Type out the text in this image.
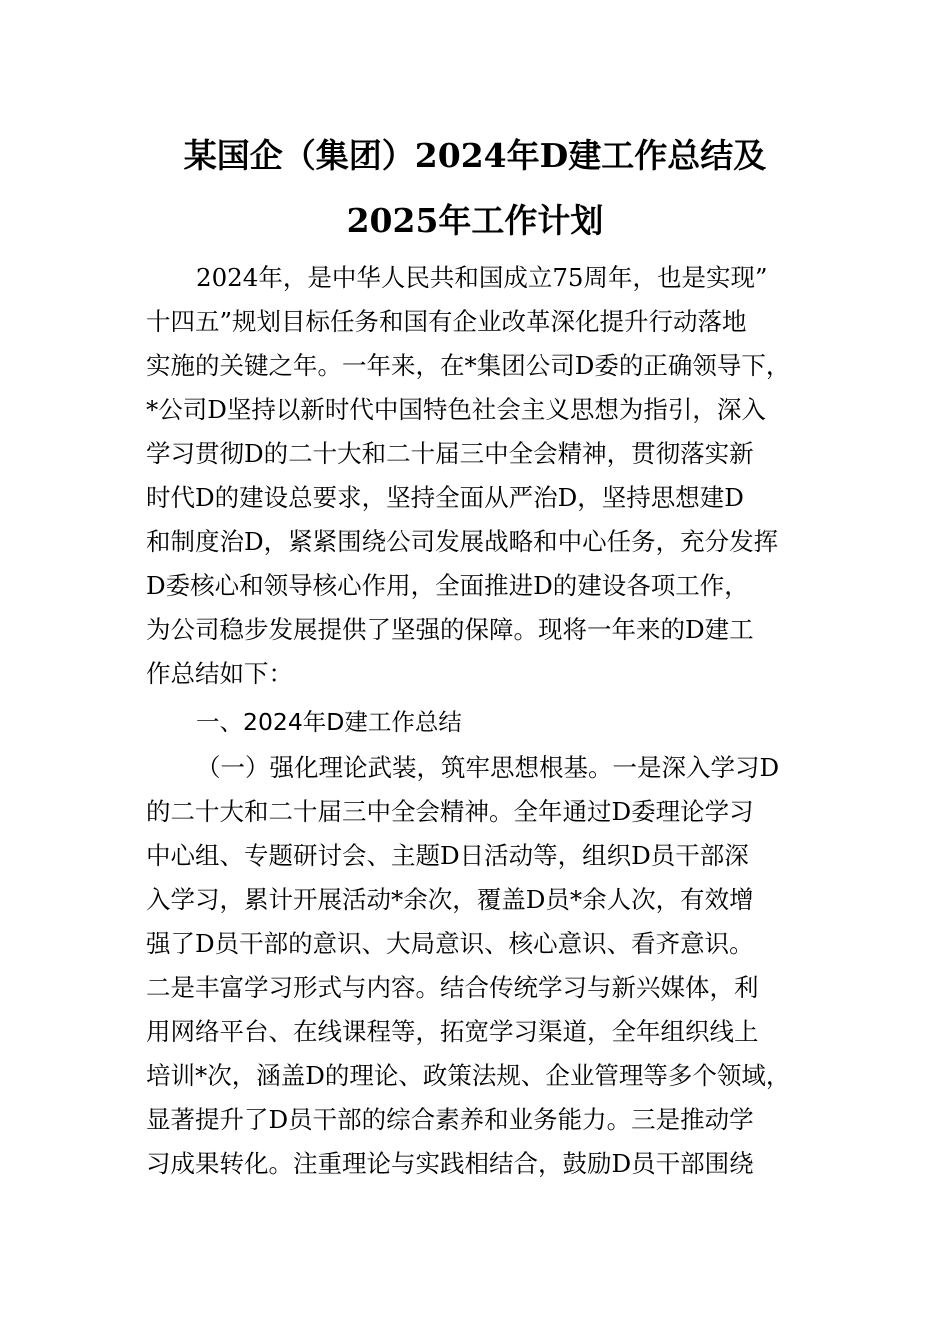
某国企（集团）2024年D建工作总结及
2025年工作计划
2024年，是中华人民共和国成立75周年，也是实现”
十四五”规划目标任务和国有企业改革深化提升行动落地
实施的关键之年。一年来，在*集团公司D委的正确领导下，
*公司D坚持以新时代中国特色社会主义思想为指引，深入
学习贯彻D的二十大和二十届三中全会精神，贯彻落实新
时代D的建设总要求，坚持全面从严治D，坚持思想建D
和制度治D，紧紧围绕公司发展战略和中心任务，充分发挥
D委核心和领导核心作用，全面推进D的建设各项工作，
为公司稳步发展提供了坚强的保障。现将一年来的D建工
作总结如下：
一、2024年D建工作总结
（一）强化理论武装，筑牢思想根基。一是深入学习D
的二十大和二十届三中全会精神。全年通过D委理论学习
中心组、专题研讨会、主题D日活动等，组织D员干部深
入学习，累计开展活动*余次，覆盖D员*余人次，有效增
强了D员干部的意识、大局意识、核心意识、看齐意识。
二是丰富学习形式与内容。结合传统学习与新兴媒体，利
用网络平台、在线课程等，拓宽学习渠道，全年组织线上
培训*次，涵盖D的理论、政策法规、企业管理等多个领域，
显著提升了D员干部的综合素养和业务能力。三是推动学
习成果转化。注重理论与实践相结合，鼓励D员干部围绕
